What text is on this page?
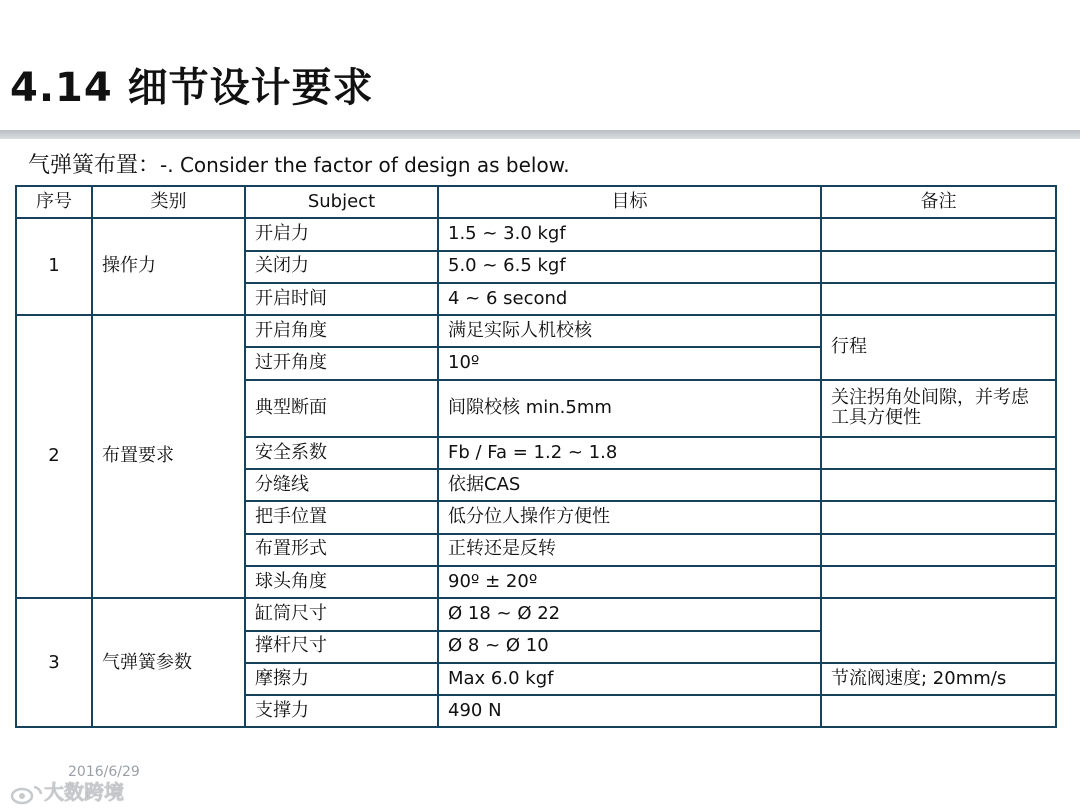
4.14 细节设计要求
气弹簧布置：-. Consider the factor of design as below.
序号	类别	Subject	目标	备注
1	操作力	开启力	1.5 ~ 3.0 kgf	
		关闭力	5.0 ~ 6.5 kgf	
		开启时间	4 ~ 6 second	
2	布置要求	开启角度	满足实际人机校核	行程
		过开角度	10º	
		典型断面	间隙校核 min.5mm	关注拐角处间隙，并考虑工具方便性
		安全系数	Fb / Fa = 1.2 ~ 1.8	
		分缝线	依据CAS	
		把手位置	低分位人操作方便性	
		布置形式	正转还是反转	
		球头角度	90º ± 20º	
3	气弹簧参数	缸筒尺寸	Ø 18 ~ Ø 22	
		撑杆尺寸	Ø 8 ~ Ø 10	
		摩擦力	Max 6.0 kgf	节流阀速度; 20mm/s
		支撑力	490 N	
2016/6/29
大数跨境
